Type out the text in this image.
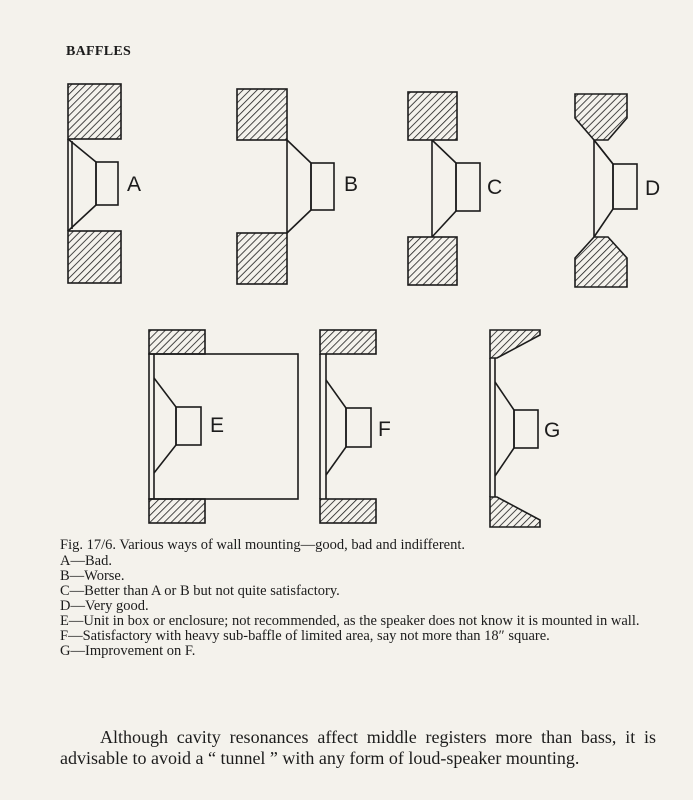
BAFFLES
A	B	C	D
E	F	G
Fig. 17/6. Various ways of wall mounting—good, bad and indifferent.
A — Bad.
B — Worse.
C — Better than A or B but not quite satisfactory.
D — Very good.
E — Unit in box or enclosure; not recommended, as the speaker does not know it is mounted in wall.
F — Satisfactory with heavy sub-baffle of limited area, say not more than 18″ square.
G — Improvement on F.

Although cavity resonances affect middle registers more than bass, it is advisable to avoid a “ tunnel ” with any form of loud-speaker mounting.
